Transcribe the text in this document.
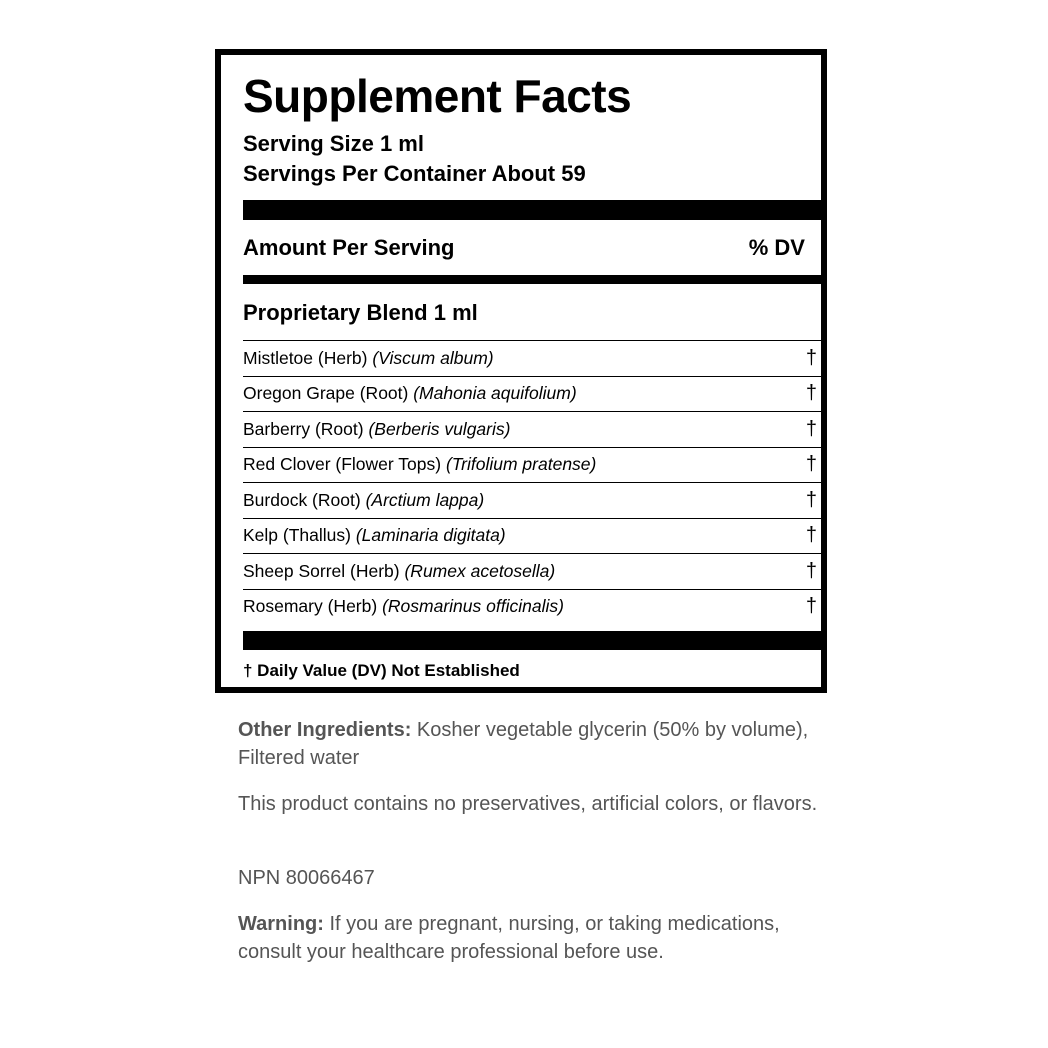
Supplement Facts
Serving Size 1 ml
Servings Per Container About 59
Amount Per Serving	% DV
Proprietary Blend 1 ml
Mistletoe (Herb) (Viscum album)	†
Oregon Grape (Root) (Mahonia aquifolium)	†
Barberry (Root) (Berberis vulgaris)	†
Red Clover (Flower Tops) (Trifolium pratense)	†
Burdock (Root) (Arctium lappa)	†
Kelp (Thallus) (Laminaria digitata)	†
Sheep Sorrel (Herb) (Rumex acetosella)	†
Rosemary (Herb) (Rosmarinus officinalis)	†
† Daily Value (DV) Not Established
Other Ingredients: Kosher vegetable glycerin (50% by volume), Filtered water
This product contains no preservatives, artificial colors, or flavors.
NPN 80066467
Warning: If you are pregnant, nursing, or taking medications, consult your healthcare professional before use.
